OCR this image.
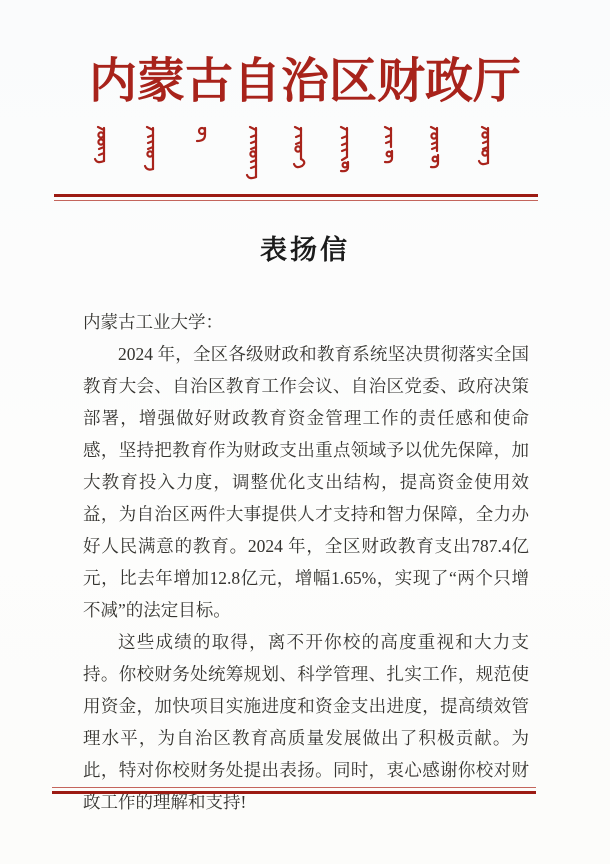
内蒙古自治区财政厅
表扬信

内蒙古工业大学：

2024 年，全区各级财政和教育系统坚决贯彻落实全国教育大会、自治区教育工作会议、自治区党委、政府决策部署，增强做好财政教育资金管理工作的责任感和使命感，坚持把教育作为财政支出重点领域予以优先保障，加大教育投入力度，调整优化支出结构，提高资金使用效益，为自治区两件大事提供人才支持和智力保障，全力办好人民满意的教育。2024 年，全区财政教育支出787.4亿元，比去年增加12.8亿元，增幅1.65%，实现了“两个只增不减”的法定目标。

这些成绩的取得，离不开你校的高度重视和大力支持。你校财务处统筹规划、科学管理、扎实工作，规范使用资金，加快项目实施进度和资金支出进度，提高绩效管理水平，为自治区教育高质量发展做出了积极贡献。为此，特对你校财务处提出表扬。同时，衷心感谢你校对财政工作的理解和支持!
